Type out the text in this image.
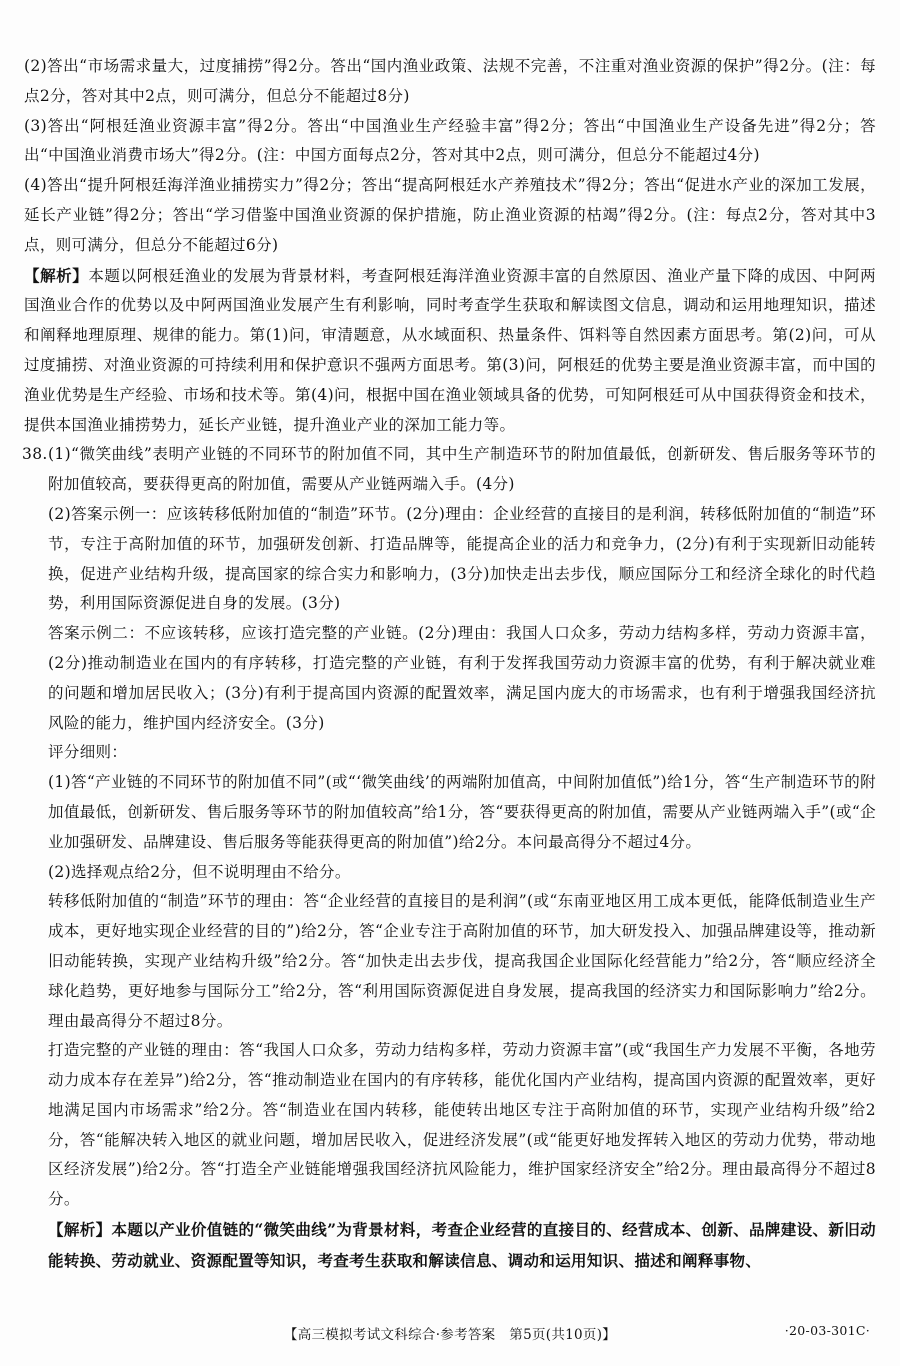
(2)答出“市场需求量大，过度捕捞”得2分。答出“国内渔业政策、法规不完善，不注重对渔业资源的保护”得2分。(注：每点2分，答对其中2点，则可满分，但总分不能超过8分)

(3)答出“阿根廷渔业资源丰富”得2分。答出“中国渔业生产经验丰富”得2分；答出“中国渔业生产设备先进”得2分；答出“中国渔业消费市场大”得2分。(注：中国方面每点2分，答对其中2点，则可满分，但总分不能超过4分)

(4)答出“提升阿根廷海洋渔业捕捞实力”得2分；答出“提高阿根廷水产养殖技术”得2分；答出“促进水产业的深加工发展，延长产业链”得2分；答出“学习借鉴中国渔业资源的保护措施，防止渔业资源的枯竭”得2分。(注：每点2分，答对其中3点，则可满分，但总分不能超过6分)

【解析】本题以阿根廷渔业的发展为背景材料，考查阿根廷海洋渔业资源丰富的自然原因、渔业产量下降的成因、中阿两国渔业合作的优势以及中阿两国渔业发展产生有利影响，同时考查学生获取和解读图文信息，调动和运用地理知识，描述和阐释地理原理、规律的能力。第(1)问，审清题意，从水域面积、热量条件、饵料等自然因素方面思考。第(2)问，可从过度捕捞、对渔业资源的可持续利用和保护意识不强两方面思考。第(3)问，阿根廷的优势主要是渔业资源丰富，而中国的渔业优势是生产经验、市场和技术等。第(4)问，根据中国在渔业领域具备的优势，可知阿根廷可从中国获得资金和技术，提供本国渔业捕捞势力，延长产业链，提升渔业产业的深加工能力等。

38. (1)“微笑曲线”表明产业链的不同环节的附加值不同，其中生产制造环节的附加值最低，创新研发、售后服务等环节的附加值较高，要获得更高的附加值，需要从产业链两端入手。(4分)

(2)答案示例一：应该转移低附加值的“制造”环节。(2分)理由：企业经营的直接目的是利润，转移低附加值的“制造”环节，专注于高附加值的环节，加强研发创新、打造品牌等，能提高企业的活力和竞争力，(2分)有利于实现新旧动能转换，促进产业结构升级，提高国家的综合实力和影响力，(3分)加快走出去步伐，顺应国际分工和经济全球化的时代趋势，利用国际资源促进自身的发展。(3分)

答案示例二：不应该转移，应该打造完整的产业链。(2分)理由：我国人口众多，劳动力结构多样，劳动力资源丰富，(2分)推动制造业在国内的有序转移，打造完整的产业链，有利于发挥我国劳动力资源丰富的优势，有利于解决就业难的问题和增加居民收入；(3分)有利于提高国内资源的配置效率，满足国内庞大的市场需求，也有利于增强我国经济抗风险的能力，维护国内经济安全。(3分)

评分细则：

(1)答“产业链的不同环节的附加值不同”(或“‘微笑曲线’的两端附加值高，中间附加值低”)给1分，答“生产制造环节的附加值最低，创新研发、售后服务等环节的附加值较高”给1分，答“要获得更高的附加值，需要从产业链两端入手”(或“企业加强研发、品牌建设、售后服务等能获得更高的附加值”)给2分。本问最高得分不超过4分。

(2)选择观点给2分，但不说明理由不给分。

转移低附加值的“制造”环节的理由：答“企业经营的直接目的是利润”(或“东南亚地区用工成本更低，能降低制造业生产成本，更好地实现企业经营的目的”)给2分，答“企业专注于高附加值的环节，加大研发投入、加强品牌建设等，推动新旧动能转换，实现产业结构升级”给2分。答“加快走出去步伐，提高我国企业国际化经营能力”给2分，答“顺应经济全球化趋势，更好地参与国际分工”给2分，答“利用国际资源促进自身发展，提高我国的经济实力和国际影响力”给2分。理由最高得分不超过8分。

打造完整的产业链的理由：答“我国人口众多，劳动力结构多样，劳动力资源丰富”(或“我国生产力发展不平衡，各地劳动力成本存在差异”)给2分，答“推动制造业在国内的有序转移，能优化国内产业结构，提高国内资源的配置效率，更好地满足国内市场需求”给2分。答“制造业在国内转移，能使转出地区专注于高附加值的环节，实现产业结构升级”给2分，答“能解决转入地区的就业问题，增加居民收入，促进经济发展”(或“能更好地发挥转入地区的劳动力优势，带动地区经济发展”)给2分。答“打造全产业链能增强我国经济抗风险能力，维护国家经济安全”给2分。理由最高得分不超过8分。

【解析】本题以产业价值链的“微笑曲线”为背景材料，考查企业经营的直接目的、经营成本、创新、品牌建设、新旧动能转换、劳动就业、资源配置等知识，考查考生获取和解读信息、调动和运用知识、描述和阐释事物、

【高三模拟考试文科综合·参考答案　第5页(共10页)】	·20-03-301C·
